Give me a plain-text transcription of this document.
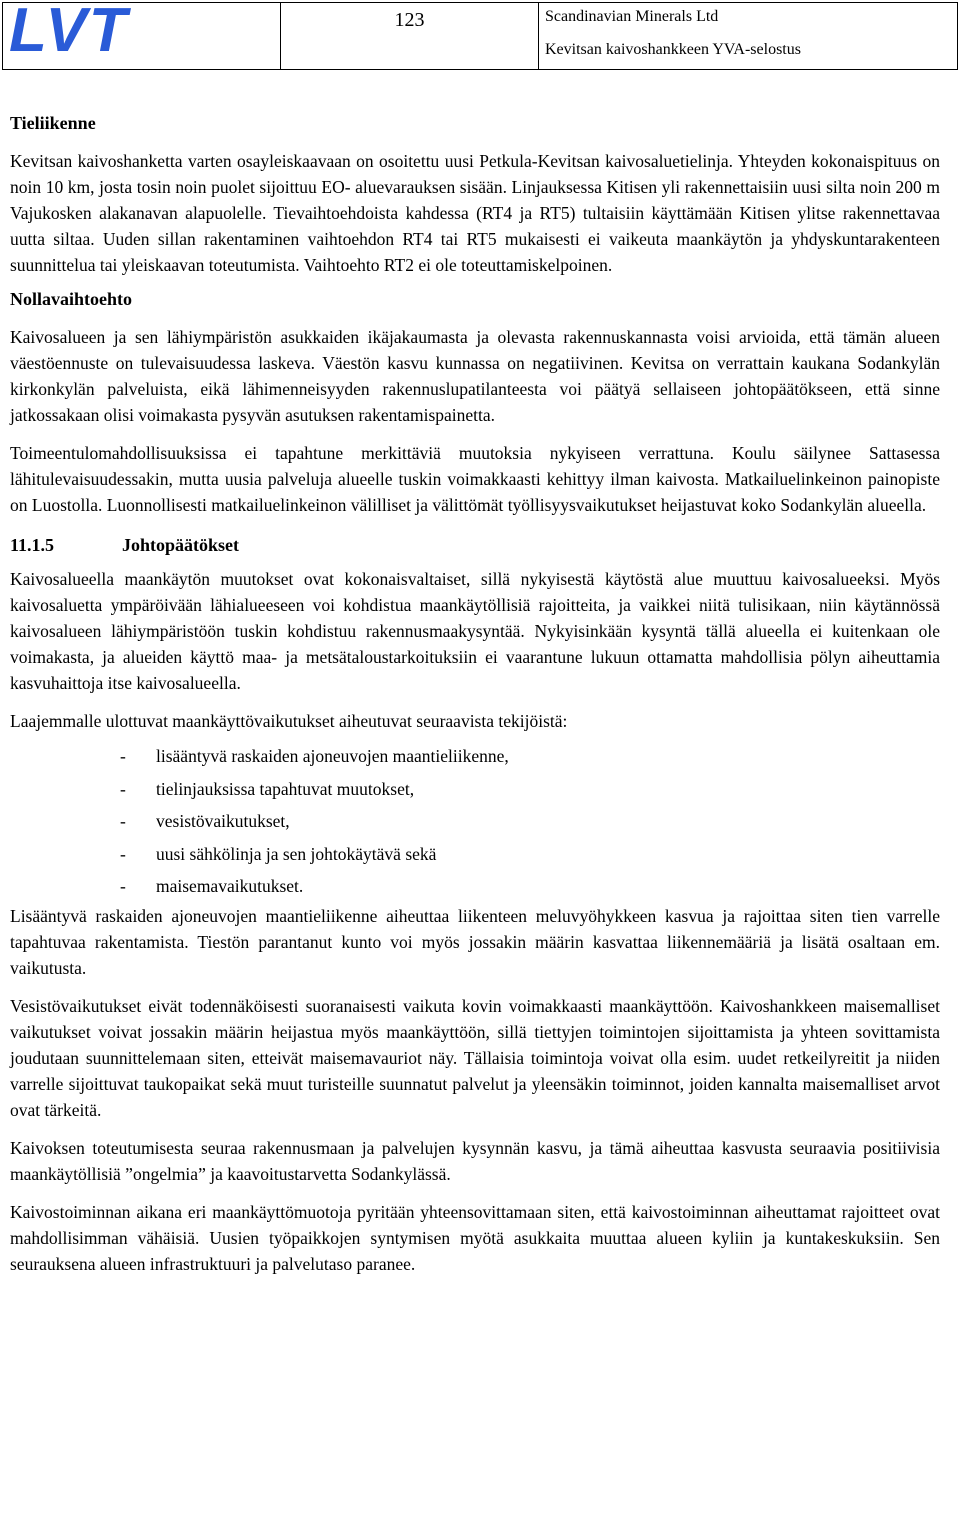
LVT	123	Scandinavian Minerals Ltd
Kevitsan kaivoshankkeen YVA-selostus

Tieliikenne

Kevitsan kaivoshanketta varten osayleiskaavaan on osoitettu uusi Petkula-Kevitsan kaivosaluetielinja. Yhteyden kokonaispituus on noin 10 km, josta tosin noin puolet sijoittuu EO- aluevarauksen sisään. Linjauksessa Kitisen yli rakennettaisiin uusi silta noin 200 m Vajukosken alakanavan alapuolelle. Tievaihtoehdoista kahdessa (RT4 ja RT5) tultaisiin käyttämään Kitisen ylitse rakennettavaa uutta siltaa. Uuden sillan rakentaminen vaihtoehdon RT4 tai RT5 mukaisesti ei vaikeuta maankäytön ja yhdyskuntarakenteen suunnittelua tai yleiskaavan toteutumista. Vaihtoehto RT2 ei ole toteuttamiskelpoinen.

Nollavaihtoehto

Kaivosalueen ja sen lähiympäristön asukkaiden ikäjakaumasta ja olevasta rakennuskannasta voisi arvioida, että tämän alueen väestöennuste on tulevaisuudessa laskeva. Väestön kasvu kunnassa on negatiivinen. Kevitsa on verrattain kaukana Sodankylän kirkonkylän palveluista, eikä lähimenneisyyden rakennuslupatilanteesta voi päätyä sellaiseen johtopäätökseen, että sinne jatkossakaan olisi voimakasta pysyvän asutuksen rakentamispainetta.

Toimeentulomahdollisuuksissa ei tapahtune merkittäviä muutoksia nykyiseen verrattuna. Koulu säilynee Sattasessa lähitulevaisuudessakin, mutta uusia palveluja alueelle tuskin voimakkaasti kehittyy ilman kaivosta. Matkailuelinkeinon painopiste on Luostolla. Luonnollisesti matkailuelinkeinon välilliset ja välittömät työllisyysvaikutukset heijastuvat koko Sodankylän alueella.

11.1.5	Johtopäätökset

Kaivosalueella maankäytön muutokset ovat kokonaisvaltaiset, sillä nykyisestä käytöstä alue muuttuu kaivosalueeksi. Myös kaivosaluetta ympäröivään lähialueeseen voi kohdistua maankäytöllisiä rajoitteita, ja vaikkei niitä tulisikaan, niin käytännössä kaivosalueen lähiympäristöön tuskin kohdistuu rakennusmaakysyntää. Nykyisinkään kysyntä tällä alueella ei kuitenkaan ole voimakasta, ja alueiden käyttö maa- ja metsätaloustarkoituksiin ei vaarantune lukuun ottamatta mahdollisia pölyn aiheuttamia kasvuhaittoja itse kaivosalueella.

Laajemmalle ulottuvat maankäyttövaikutukset aiheutuvat seuraavista tekijöistä:

-	lisääntyvä raskaiden ajoneuvojen maantieliikenne,
-	tielinjauksissa tapahtuvat muutokset,
-	vesistövaikutukset,
-	uusi sähkölinja ja sen johtokäytävä sekä
-	maisemavaikutukset.

Lisääntyvä raskaiden ajoneuvojen maantieliikenne aiheuttaa liikenteen meluvyöhykkeen kasvua ja rajoittaa siten tien varrelle tapahtuvaa rakentamista. Tiestön parantanut kunto voi myös jossakin määrin kasvattaa liikennemääriä ja lisätä osaltaan em. vaikutusta.

Vesistövaikutukset eivät todennäköisesti suoranaisesti vaikuta kovin voimakkaasti maankäyttöön. Kaivoshankkeen maisemalliset vaikutukset voivat jossakin määrin heijastua myös maankäyttöön, sillä tiettyjen toimintojen sijoittamista ja yhteen sovittamista joudutaan suunnittelemaan siten, etteivät maisemavauriot näy. Tällaisia toimintoja voivat olla esim. uudet retkeilyreitit ja niiden varrelle sijoittuvat taukopaikat sekä muut turisteille suunnatut palvelut ja yleensäkin toiminnot, joiden kannalta maisemalliset arvot ovat tärkeitä.

Kaivoksen toteutumisesta seuraa rakennusmaan ja palvelujen kysynnän kasvu, ja tämä aiheuttaa kasvusta seuraavia positiivisia maankäytöllisiä ”ongelmia” ja kaavoitustarvetta Sodankylässä.

Kaivostoiminnan aikana eri maankäyttömuotoja pyritään yhteensovittamaan siten, että kaivostoiminnan aiheuttamat rajoitteet ovat mahdollisimman vähäisiä. Uusien työpaikkojen syntymisen myötä asukkaita muuttaa alueen kyliin ja kuntakeskuksiin. Sen seurauksena alueen infrastruktuuri ja palvelutaso paranee.
